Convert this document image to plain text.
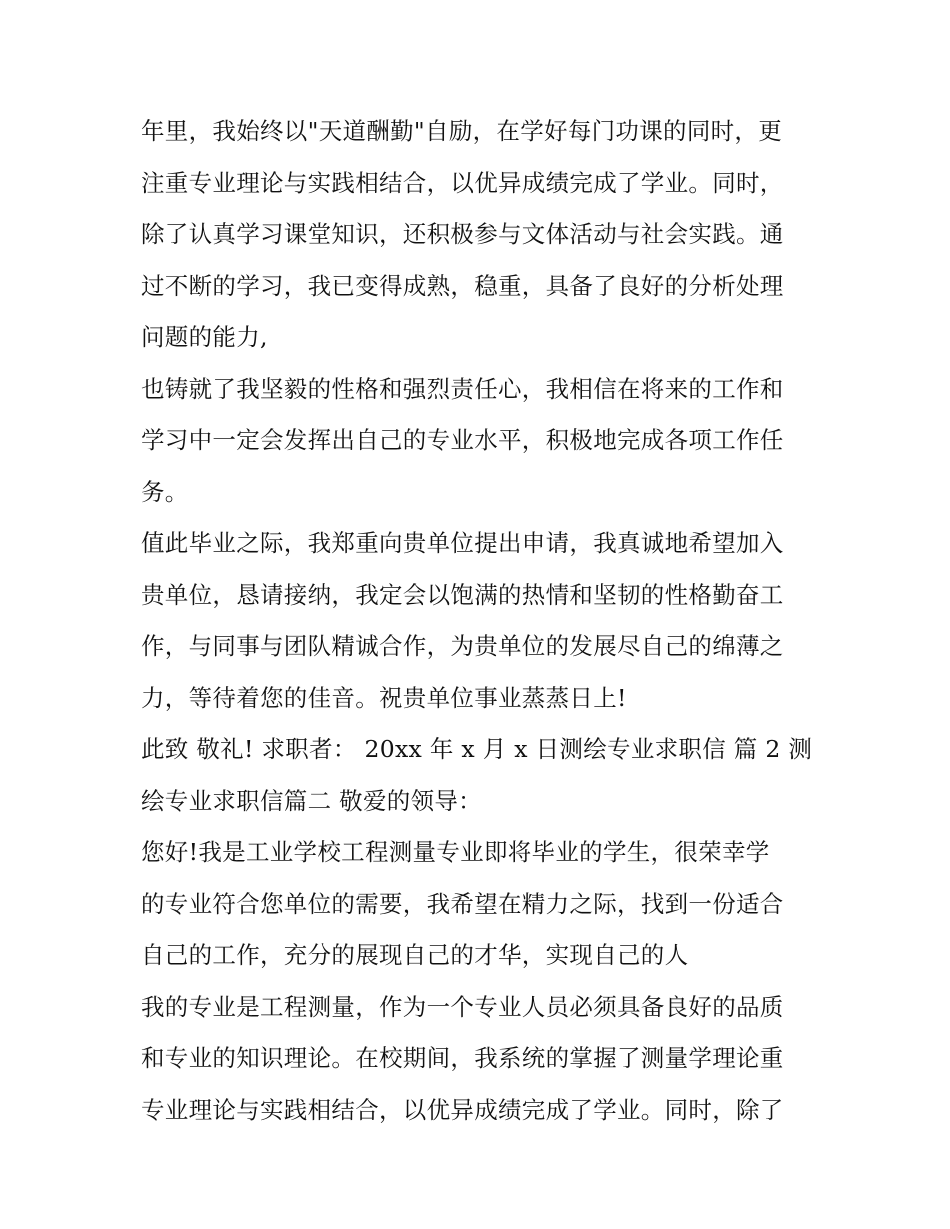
年里，我始终以"天道酬勤"自励，在学好每门功课的同时，更
注重专业理论与实践相结合，以优异成绩完成了学业。同时，
除了认真学习课堂知识，还积极参与文体活动与社会实践。通
过不断的学习，我已变得成熟，稳重，具备了良好的分析处理
问题的能力,
也铸就了我坚毅的性格和强烈责任心，我相信在将来的工作和
学习中一定会发挥出自己的专业水平，积极地完成各项工作任
务。
值此毕业之际，我郑重向贵单位提出申请，我真诚地希望加入
贵单位，恳请接纳，我定会以饱满的热情和坚韧的性格勤奋工
作，与同事与团队精诚合作，为贵单位的发展尽自己的绵薄之
力，等待着您的佳音。祝贵单位事业蒸蒸日上!
此致 敬礼! 求职者： 20xx 年 x 月 x 日测绘专业求职信 篇 2 测
绘专业求职信篇二 敬爱的领导：
您好!我是工业学校工程测量专业即将毕业的学生，很荣幸学
的专业符合您单位的需要，我希望在精力之际，找到一份适合
自己的工作，充分的展现自己的才华，实现自己的人
我的专业是工程测量，作为一个专业人员必须具备良好的品质
和专业的知识理论。在校期间，我系统的掌握了测量学理论重
专业理论与实践相结合，以优异成绩完成了学业。同时，除了
